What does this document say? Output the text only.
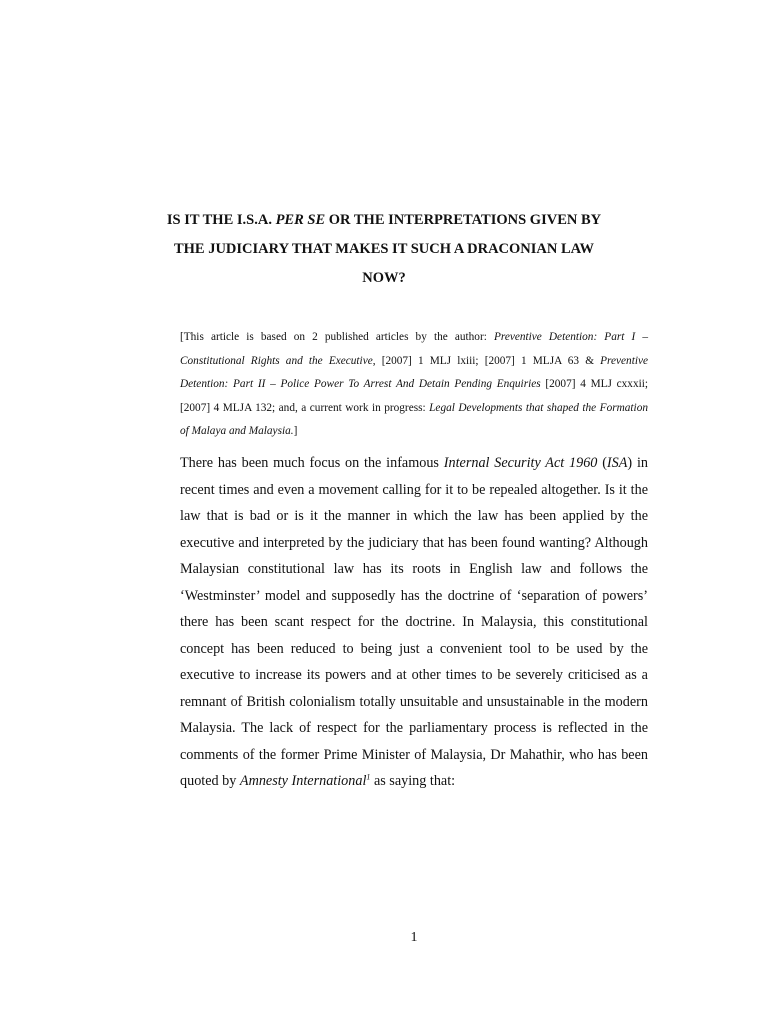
IS IT THE I.S.A. PER SE OR THE INTERPRETATIONS GIVEN BY
THE JUDICIARY THAT MAKES IT SUCH A DRACONIAN LAW
NOW?
[This article is based on 2 published articles by the author: Preventive Detention: Part I – Constitutional Rights and the Executive, [2007] 1 MLJ lxiii; [2007] 1 MLJA 63 & Preventive Detention: Part II – Police Power To Arrest And Detain Pending Enquiries [2007] 4 MLJ cxxxii; [2007] 4 MLJA 132; and, a current work in progress: Legal Developments that shaped the Formation of Malaya and Malaysia.]
There has been much focus on the infamous Internal Security Act 1960 (ISA) in recent times and even a movement calling for it to be repealed altogether. Is it the law that is bad or is it the manner in which the law has been applied by the executive and interpreted by the judiciary that has been found wanting? Although Malaysian constitutional law has its roots in English law and follows the ‘Westminster’ model and supposedly has the doctrine of ‘separation of powers’ there has been scant respect for the doctrine. In Malaysia, this constitutional concept has been reduced to being just a convenient tool to be used by the executive to increase its powers and at other times to be severely criticised as a remnant of British colonialism totally unsuitable and unsustainable in the modern Malaysia. The lack of respect for the parliamentary process is reflected in the comments of the former Prime Minister of Malaysia, Dr Mahathir, who has been quoted by Amnesty International$^1$ as saying that:
1
